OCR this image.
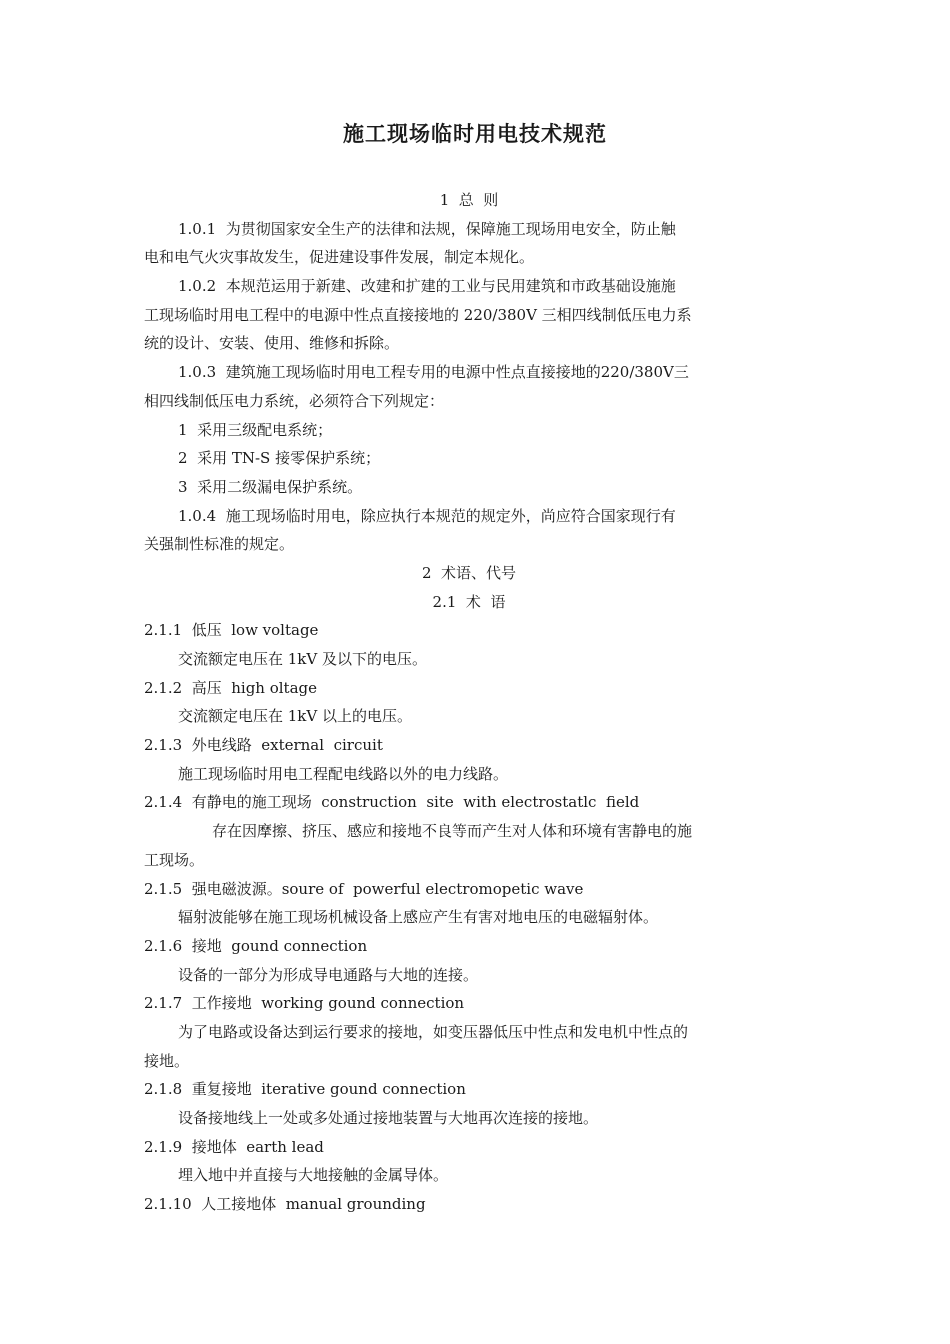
施工现场临时用电技术规范
1  总  则
1.0.1  为贯彻国家安全生产的法律和法规，保障施工现场用电安全，防止触
电和电气火灾事故发生，促进建设事件发展，制定本规化。
1.0.2  本规范运用于新建、改建和扩建的工业与民用建筑和市政基础设施施
工现场临时用电工程中的电源中性点直接接地的 220/380V 三相四线制低压电力系
统的设计、安装、使用、维修和拆除。
1.0.3  建筑施工现场临时用电工程专用的电源中性点直接接地的220/380V三
相四线制低压电力系统，必须符合下列规定：
1  采用三级配电系统；
2  采用 TN-S 接零保护系统；
3  采用二级漏电保护系统。
1.0.4  施工现场临时用电，除应执行本规范的规定外，尚应符合国家现行有
关强制性标准的规定。
2  术语、代号
2.1  术  语
2.1.1  低压  low voltage
交流额定电压在 1kV 及以下的电压。
2.1.2  高压  high oltage
交流额定电压在 1kV 以上的电压。
2.1.3  外电线路  external  circuit
施工现场临时用电工程配电线路以外的电力线路。
2.1.4  有静电的施工现场  construction  site  with electrostatlc  field
存在因摩擦、挤压、感应和接地不良等而产生对人体和环境有害静电的施
工现场。
2.1.5  强电磁波源。soure of  powerful electromopetic wave
辐射波能够在施工现场机械设备上感应产生有害对地电压的电磁辐射体。
2.1.6  接地  gound connection
设备的一部分为形成导电通路与大地的连接。
2.1.7  工作接地  working gound connection
为了电路或设备达到运行要求的接地，如变压器低压中性点和发电机中性点的
接地。
2.1.8  重复接地  iterative gound connection
设备接地线上一处或多处通过接地装置与大地再次连接的接地。
2.1.9  接地体  earth lead
埋入地中并直接与大地接触的金属导体。
2.1.10  人工接地体  manual grounding
